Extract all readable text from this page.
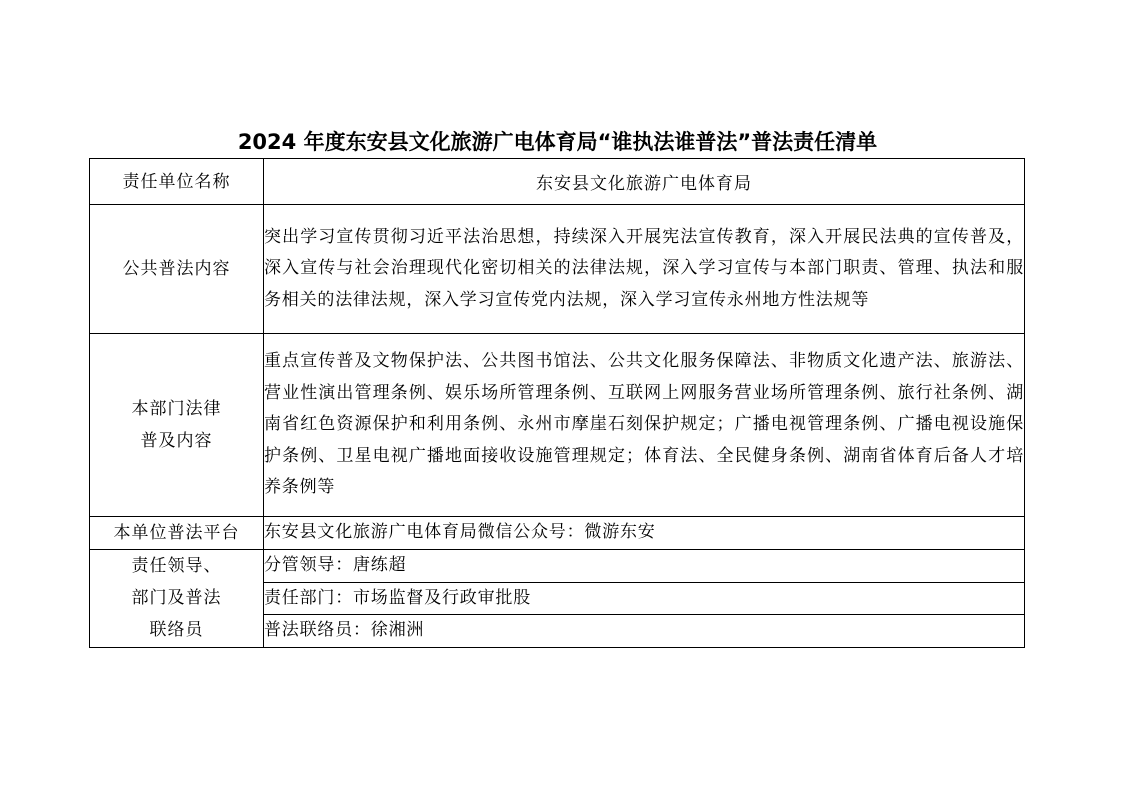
2024 年度东安县文化旅游广电体育局“谁执法谁普法”普法责任清单
责任单位名称	东安县文化旅游广电体育局
公共普法内容	突出学习宣传贯彻习近平法治思想，持续深入开展宪法宣传教育，深入开展民法典的宣传普及，深入宣传与社会治理现代化密切相关的法律法规，深入学习宣传与本部门职责、管理、执法和服务相关的法律法规，深入学习宣传党内法规，深入学习宣传永州地方性法规等

本部门法律
普及内容	重点宣传普及文物保护法、公共图书馆法、公共文化服务保障法、非物质文化遗产法、旅游法、营业性演出管理条例、娱乐场所管理条例、互联网上网服务营业场所管理条例、旅行社条例、湖南省红色资源保护和利用条例、永州市摩崖石刻保护规定；广播电视管理条例、广播电视设施保护条例、卫星电视广播地面接收设施管理规定；体育法、全民健身条例、湖南省体育后备人才培养条例等
本单位普法平台	东安县文化旅游广电体育局微信公众号：微游东安

责任领导、
部门及普法
联络员	分管领导：唐练超
	责任部门：市场监督及行政审批股
	普法联络员：徐湘洲
